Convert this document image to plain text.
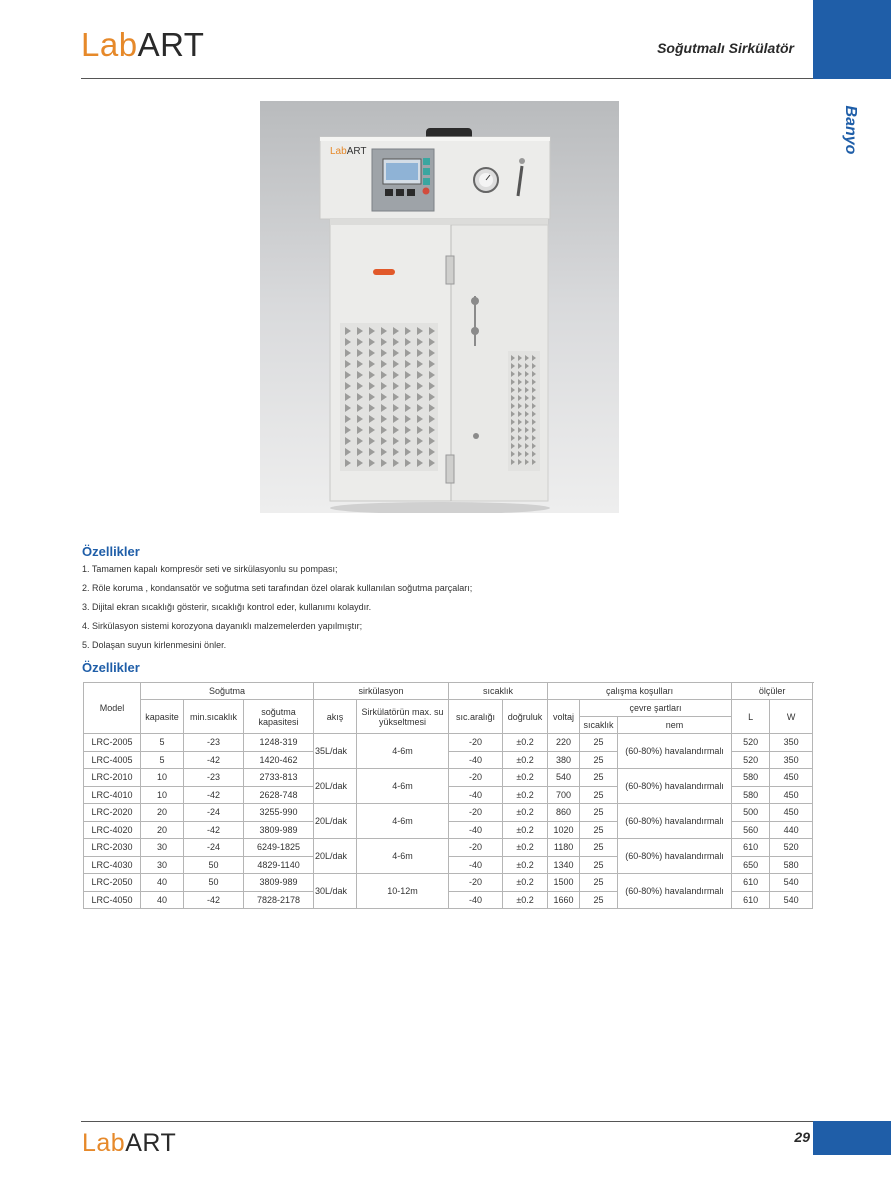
LabART	Soğutmalı Sirkülatör
Banyo
LabART
Özellikler
1. Tamamen kapalı kompresör seti ve sirkülasyonlu su pompası;
2. Röle koruma , kondansatör ve soğutma seti tarafından özel olarak kullanılan soğutma parçaları;
3. Dijital ekran sıcaklığı gösterir, sıcaklığı kontrol eder, kullanımı kolaydır.
4. Sirkülasyon sistemi korozyona dayanıklı malzemelerden yapılmıştır;
5. Dolaşan suyun kirlenmesini önler.
Özellikler
Model	Soğutma			sirkülasyon		sıcaklık		çalışma koşulları			ölçüler		
	kapasite	min.sıcaklık	soğutma kapasitesi	akış	Sirkülatörün max. su yükseltmesi	sıc.aralığı	doğruluk	voltaj	çevre şartları		L	W	
									sıcaklık	nem			
LRC-2005	5	-23	1248-319	35L/dak	4-6m	-20	±0.2	220	25	(60-80%) havalandırmalı	520	350	
LRC-4005	5	-42	1420-462			-40	±0.2	380	25		520	350	
LRC-2010	10	-23	2733-813	20L/dak	4-6m	-20	±0.2	540	25	(60-80%) havalandırmalı	580	450	
LRC-4010	10	-42	2628-748			-40	±0.2	700	25		580	450	
LRC-2020	20	-24	3255-990	20L/dak	4-6m	-20	±0.2	860	25	(60-80%) havalandırmalı	500	450	
LRC-4020	20	-42	3809-989			-40	±0.2	1020	25		560	440	
LRC-2030	30	-24	6249-1825	20L/dak	4-6m	-20	±0.2	1180	25	(60-80%) havalandırmalı	610	520	
LRC-4030	30	50	4829-1140			-40	±0.2	1340	25		650	580	
LRC-2050	40	50	3809-989	30L/dak	10-12m	-20	±0.2	1500	25	(60-80%) havalandırmalı	610	540	
LRC-4050	40	-42	7828-2178			-40	±0.2	1660	25		610	540	
LabART	29
